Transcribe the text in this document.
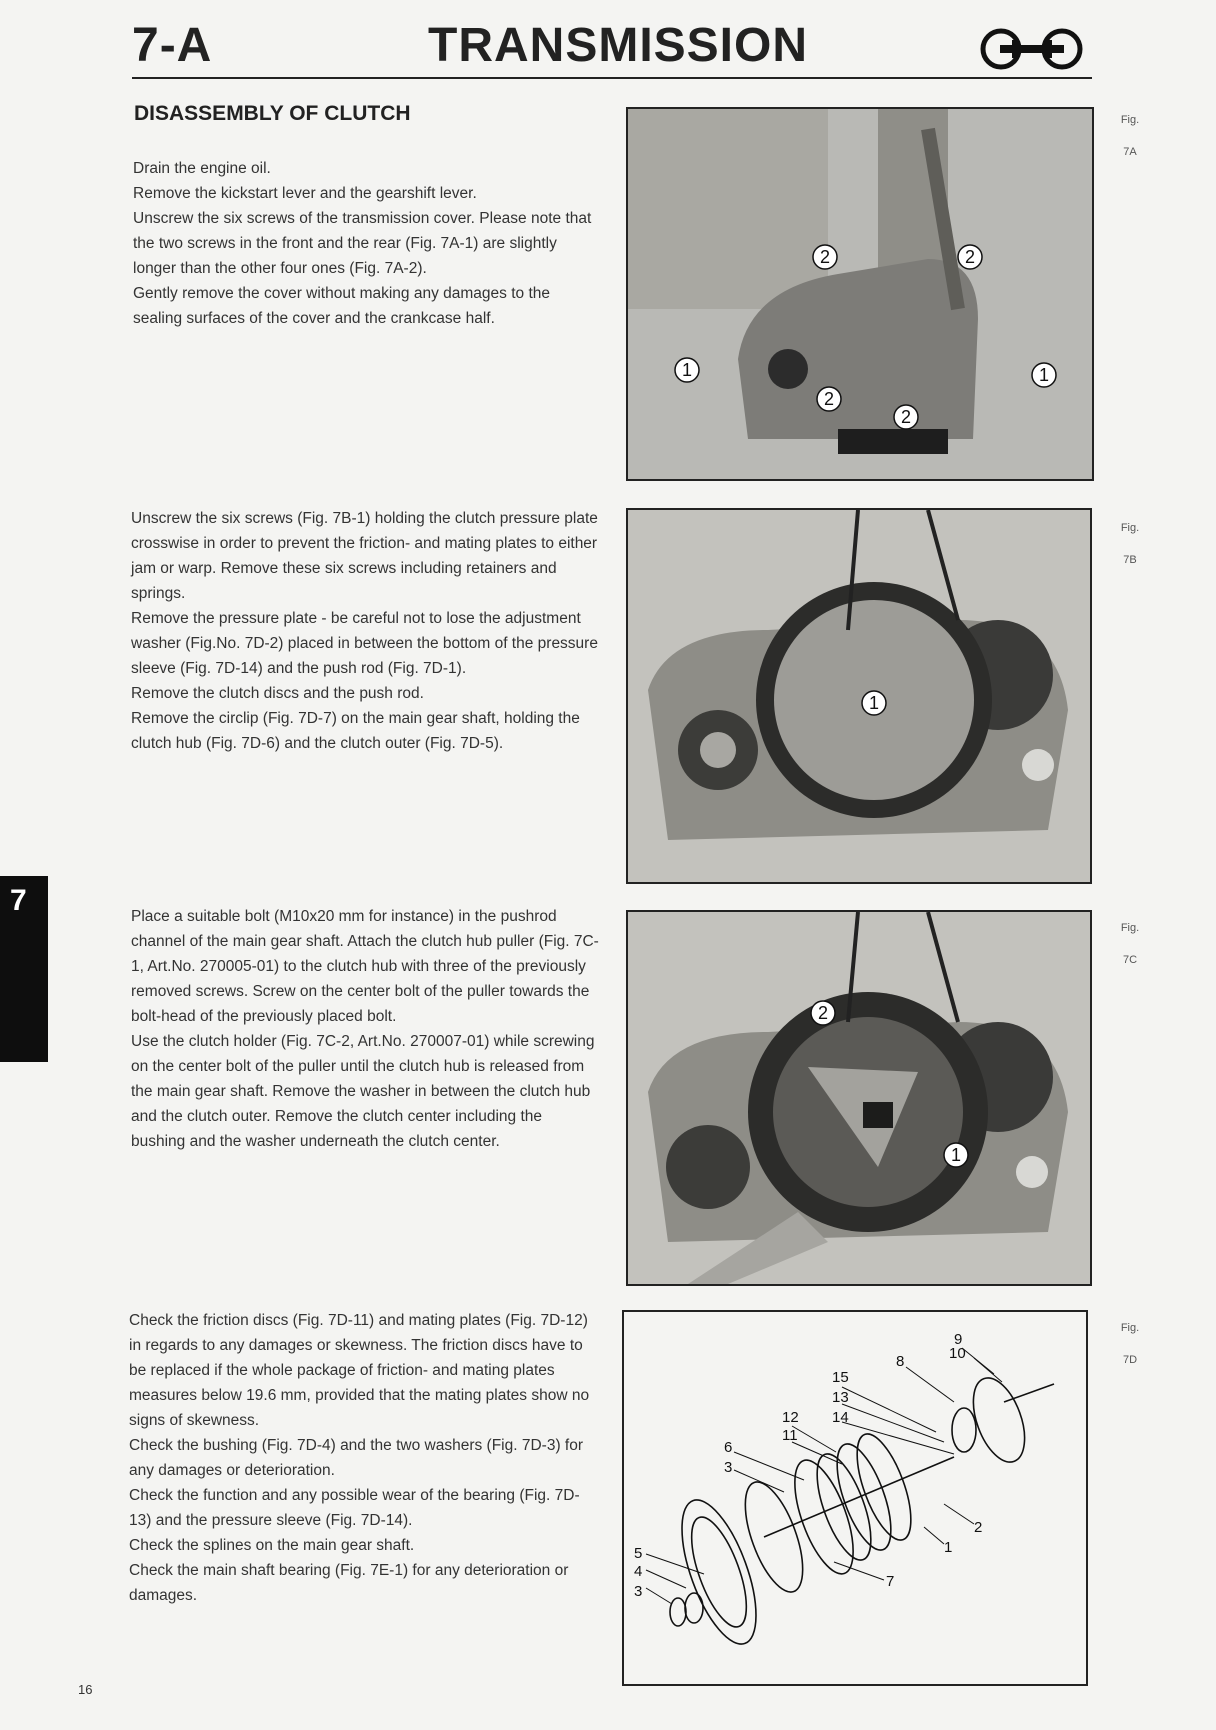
7-A	TRANSMISSION
DISASSEMBLY OF CLUTCH

Drain the engine oil.

Remove the kickstart lever and the gearshift lever.

Unscrew the six screws of the transmission cover. Please note that the two screws in the front and the rear (Fig. 7A-1) are slightly longer than the other four ones (Fig. 7A-2).

Gently remove the cover without making any damages to the sealing surfaces of the cover and the crankcase half.

2	2
1	1
2
2
Fig.
7A

Unscrew the six screws (Fig. 7B-1) holding the clutch pressure plate crosswise in order to prevent the friction- and mating plates to either jam or warp. Remove these six screws including retainers and springs.

Remove the pressure plate - be careful not to lose the adjustment washer (Fig.No. 7D-2) placed in between the bottom of the pressure sleeve (Fig. 7D-14) and the push rod (Fig. 7D-1).

Remove the clutch discs and the push rod.

Remove the circlip (Fig. 7D-7) on the main gear shaft, holding the clutch hub (Fig. 7D-6) and the clutch outer (Fig. 7D-5).

1
Fig.
7B

Place a suitable bolt (M10x20 mm for instance) in the pushrod channel of the main gear shaft. Attach the clutch hub puller (Fig. 7C-1, Art.No. 270005-01) to the clutch hub with three of the previously removed screws. Screw on the center bolt of the puller towards the bolt-head of the previously placed bolt.

Use the clutch holder (Fig. 7C-2, Art.No. 270007-01) while screwing on the center bolt of the puller until the clutch hub is released from the main gear shaft. Remove the washer in between the clutch hub and the clutch outer. Remove the clutch center including the bushing and the washer underneath the clutch center.

2
1
Fig.
7C

Check the friction discs (Fig. 7D-11) and mating plates (Fig. 7D-12) in regards to any damages or skewness. The friction discs have to be replaced if the whole package of friction- and mating plates measures below 19.6 mm, provided that the mating plates show no signs of skewness.

Check the bushing (Fig. 7D-4) and the two washers (Fig. 7D-3) for any damages or deterioration.

Check the function and any possible wear of the bearing (Fig. 7D-13) and the pressure sleeve (Fig. 7D-14).

Check the splines on the main gear shaft.

Check the main shaft bearing (Fig. 7E-1) for any deterioration or damages.

9
10
8
15
13
14
12
11
6
3
2
1
5
4
3
7
Fig.
7D
7
16
